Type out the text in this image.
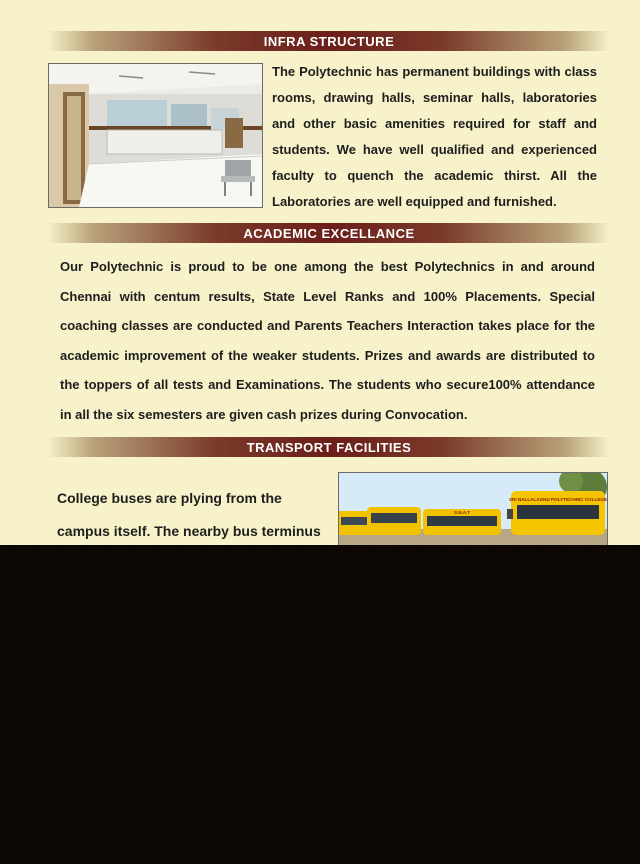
INFRA STRUCTURE
The Polytechnic has permanent buildings with class rooms, drawing halls, seminar halls, laboratories and other basic amenities required for staff and students. We have well qualified and experienced faculty to quench the academic thirst. All the Laboratories are well equipped and furnished.
ACADEMIC EXCELLANCE
Our Polytechnic is proud to be one among the best Polytechnics in and around Chennai with centum results, State Level Ranks and 100% Placements. Special coaching classes are conducted and Parents Teachers Interaction takes place for the academic improvement of the weaker students. Prizes and awards are distributed to the toppers of all tests and Examinations. The students who secure100% attendance in all the six semesters are given cash prizes during Convocation.
TRANSPORT FACILITIES
College buses are plying from the campus itself. The nearby bus terminus
S.N.A.T
SRI NALLALAGHU POLYTECHNIC COLLEGE
